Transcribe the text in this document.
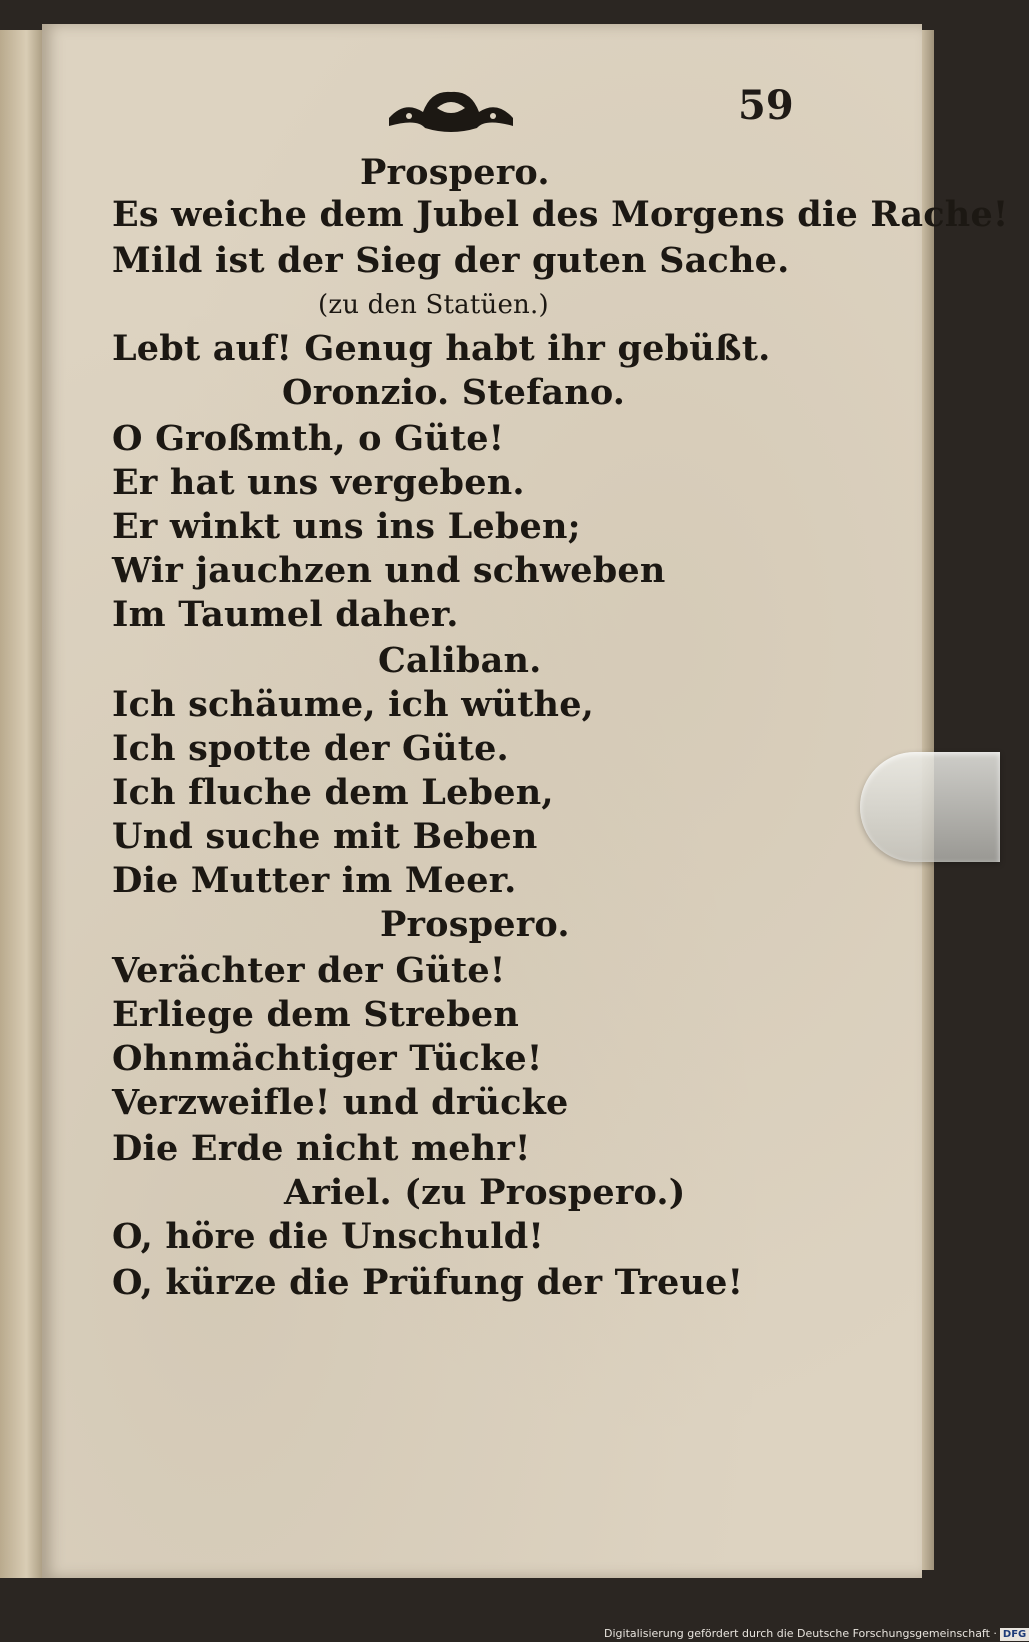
59
Prospero.
Es weiche dem Jubel des Morgens die Rache!
Mild ist der Sieg der guten Sache.
(zu den Statüen.)
Lebt auf! Genug habt ihr gebüßt.
Oronzio. Stefano.
O Großmth, o Güte!
Er hat uns vergeben.
Er winkt uns ins Leben;
Wir jauchzen und schweben
Im Taumel daher.
Caliban.
Ich schäume, ich wüthe,
Ich spotte der Güte.
Ich fluche dem Leben,
Und suche mit Beben
Die Mutter im Meer.
Prospero.
Verächter der Güte!
Erliege dem Streben
Ohnmächtiger Tücke!
Verzweifle! und drücke
Die Erde nicht mehr!
Ariel. (zu Prospero.)
O, höre die Unschuld!
O, kürze die Prüfung der Treue!
Digitalisierung gefördert durch die Deutsche Forschungsgemeinschaft · DFG
